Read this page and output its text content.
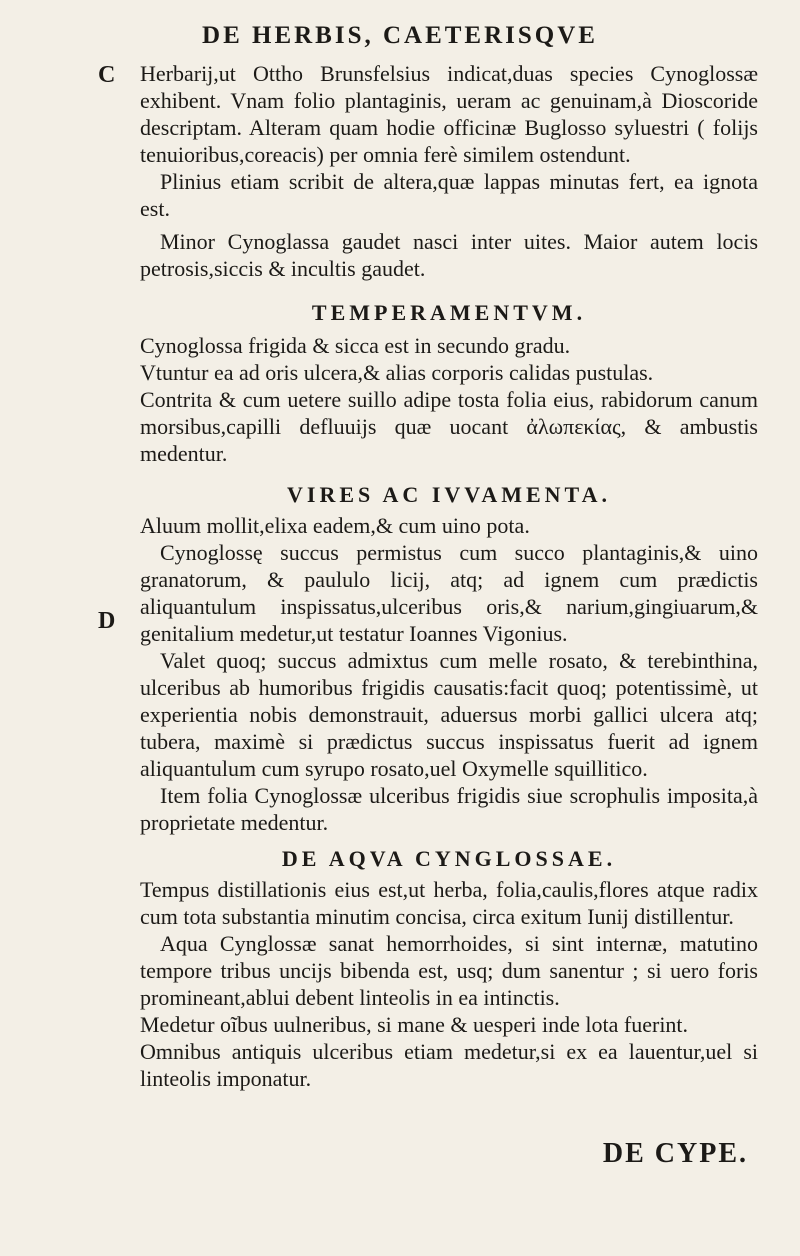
DE HERBIS, CAETERISQVE
C
D

Herbarij,ut Ottho Brunsfelsius indicat,duas species Cynoglossæ exhibent. Vnam folio plantaginis, ueram ac genuinam,à Dioscoride descriptam. Alteram quam hodie officinæ Buglosso syluestri ( folijs tenuioribus,coreacis) per omnia ferè similem ostendunt.

Plinius etiam scribit de altera,quæ lappas minutas fert, ea ignota est.

Minor Cynoglassa gaudet nasci inter uites. Maior autem locis petrosis,siccis & incultis gaudet.

TEMPERAMENTVM.

Cynoglossa frigida & sicca est in secundo gradu.

Vtuntur ea ad oris ulcera,& alias corporis calidas pustulas.

Contrita & cum uetere suillo adipe tosta folia eius, rabidorum canum morsibus,capilli defluuijs quæ uocant ἀλωπεκίας, & ambustis medentur.

VIRES AC IVVAMENTA.

Aluum mollit,elixa eadem,& cum uino pota.

Cynoglossę succus permistus cum succo plantaginis,& uino granatorum, & paululo licij, atq; ad ignem cum prædictis aliquantulum inspissatus,ulceribus oris,& narium,gingiuarum,& genitalium medetur,ut testatur Ioannes Vigonius.

Valet quoq; succus admixtus cum melle rosato, & terebinthina, ulceribus ab humoribus frigidis causatis:facit quoq; potentissimè, ut experientia nobis demonstrauit, aduersus morbi gallici ulcera atq; tubera, maximè si prædictus succus inspissatus fuerit ad ignem aliquantulum cum syrupo rosato,uel Oxymelle squillitico.

Item folia Cynoglossæ ulceribus frigidis siue scrophulis imposita,à proprietate medentur.

DE AQVA CYNGLOSSAE.

Tempus distillationis eius est,ut herba, folia,caulis,flores atque radix cum tota substantia minutim concisa, circa exitum Iunij distillentur.

Aqua Cynglossæ sanat hemorrhoides, si sint internæ, matutino tempore tribus uncijs bibenda est, usq; dum sanentur ; si uero foris promineant,ablui debent linteolis in ea intinctis.

Medetur oĩbus uulneribus, si mane & uesperi inde lota fuerint.

Omnibus antiquis ulceribus etiam medetur,si ex ea lauentur,uel si linteolis imponatur.

DE CYPE.
